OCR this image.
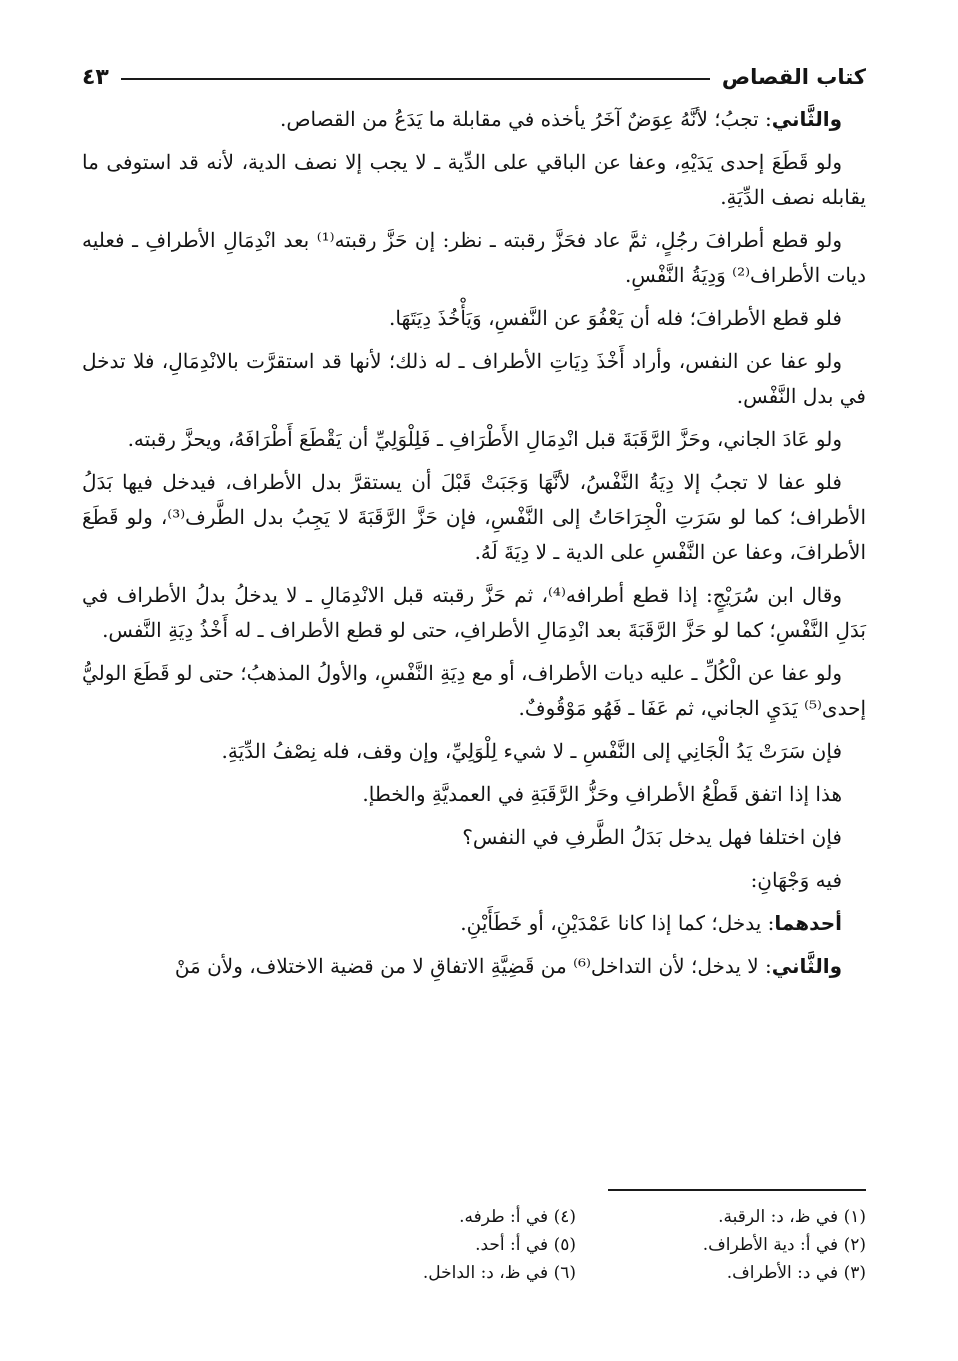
كتاب القصاص
٤٣

والثَّاني: تجبُ؛ لأنَّهُ عِوَضٌ آخَرُ يأخذه في مقابلة ما يَدَعُ من القصاص.

ولو قَطَعَ إحدى يَدَيْهِ، وعفا عن الباقي على الدِّية ـ لا يجب إلا نصف الدية، لأنه قد استوفى ما يقابله نصف الدِّيَةِ.

ولو قطع أطرافَ رجُلٍ، ثمَّ عاد فحَزَّ رقبته ـ نظر: إن حَزَّ رقبته⁽¹⁾ بعد انْدِمَالِ الأطرافِ ـ فعليه ديات الأطراف⁽²⁾ وَدِيَةُ النَّفْسِ.

فلو قطع الأطرافَ؛ فله أن يَعْفُوَ عن النَّفسِ، وَيَأْخُذَ دِيَتَهَا.

ولو عفا عن النفس، وأراد أَخْذَ دِيَاتِ الأطراف ـ له ذلك؛ لأنها قد استقرَّت بالانْدِمَالِ، فلا تدخل في بدل النَّفْس.

ولو عَادَ الجاني، وحَزَّ الرَّقَبَةَ قبل انْدِمَالِ الأَطْرَافِ ـ فَلِلْوَلِيِّ أن يَقْطَعَ أَطْرَافَهُ، ويحزَّ رقبته.

فلو عفا لا تجبُ إلا دِيَةُ النَّفْسُ، لأنَّهَا وَجَبَتْ قَبْلَ أن يستقرَّ بدل الأطراف، فيدخل فيها بَدَلُ الأطراف؛ كما لو سَرَتِ الْجِرَاحَاتُ إلى النَّفْسِ، فإن حَزَّ الرَّقَبَةَ لا يَجِبُ بدل الطَّرف⁽³⁾، ولو قَطَعَ الأطرافَ، وعفا عن النَّفْسِ على الدية ـ لا دِيَةَ لَهُ.

وقال ابن سُرَيْجٍ: إذا قطع أطرافه⁽⁴⁾، ثم حَزَّ رقبته قبل الانْدِمَالِ ـ لا يدخلُ بدلُ الأطراف في بَدَلِ النَّفْسِ؛ كما لو حَزَّ الرَّقَبَةَ بعد انْدِمَالِ الأطرافِ، حتى لو قطع الأطراف ـ له أَخْذُ دِيَةِ النَّفس.

ولو عفا عن الْكُلِّ ـ عليه ديات الأطراف، أو مع دِيَةِ النَّفْسِ، والأولُ المذهبُ؛ حتى لو قَطَعَ الوليُّ إحدى⁽⁵⁾ يَدَيِ الجاني، ثم عَفَا ـ فَهُو مَوْقُوفٌ.

فإن سَرَتْ يَدُ الْجَانِي إلى النَّفْسِ ـ لا شيء لِلْوَلِيِّ، وإن وقف، فله نِصْفُ الدِّيَةِ.

هذا إذا اتفق قَطْعُ الأطرافِ وحَزُّ الرَّقَبَةِ في العمديَّةِ والخطإ.

فإن اختلفا فهل يدخل بَدَلُ الطَّرفِ في النفس؟

فيه وَجْهَانِ:

أحدهما: يدخل؛ كما إذا كانا عَمْدَيْنِ، أو خَطَأَيْنِ.

والثَّاني: لا يدخل؛ لأن التداخل⁽⁶⁾ من قَضِيَّةِ الاتفاقِ لا من قضية الاختلاف، ولأن مَنْ

(١) في ظ، د: الرقبة.
(٢) في أ: دية الأطراف.
(٣) في د: الأطراف.
(٤) في أ: طرفه.
(٥) في أ: أحد.
(٦) في ظ، د: الداخل.
